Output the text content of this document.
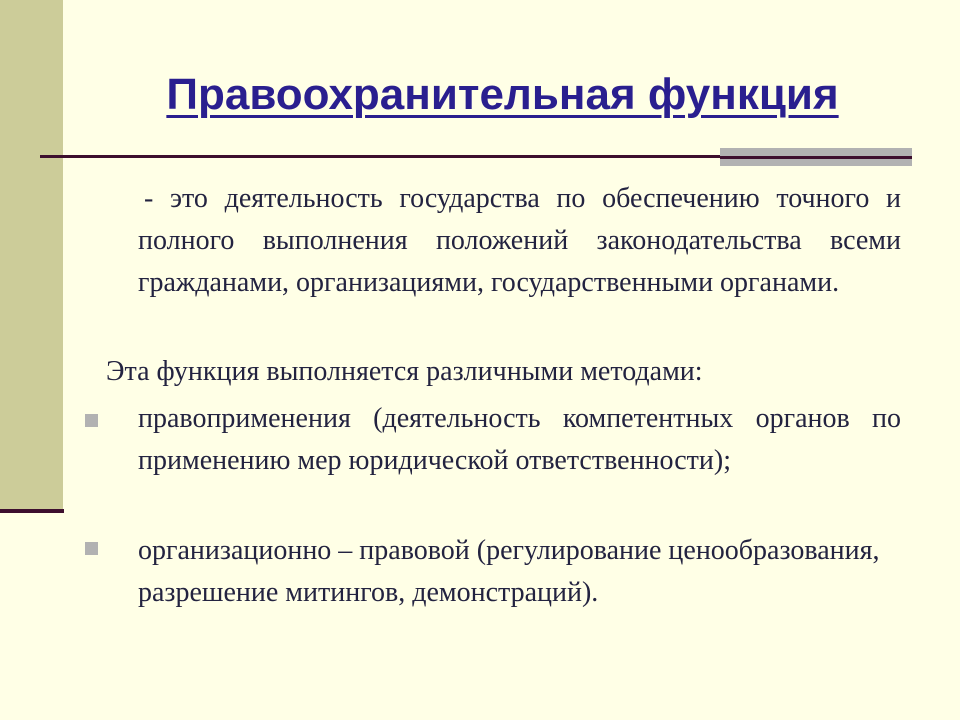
Правоохранительная функция

- это деятельность государства по обеспечению точного и полного выполнения положений законодательства всеми гражданами, организациями, государственными органами.

Эта функция выполняется различными методами:

правоприменения (деятельность компетентных органов по применению мер юридической ответственности);
организационно – правовой (регулирование ценообразования, разрешение митингов, демонстраций).
